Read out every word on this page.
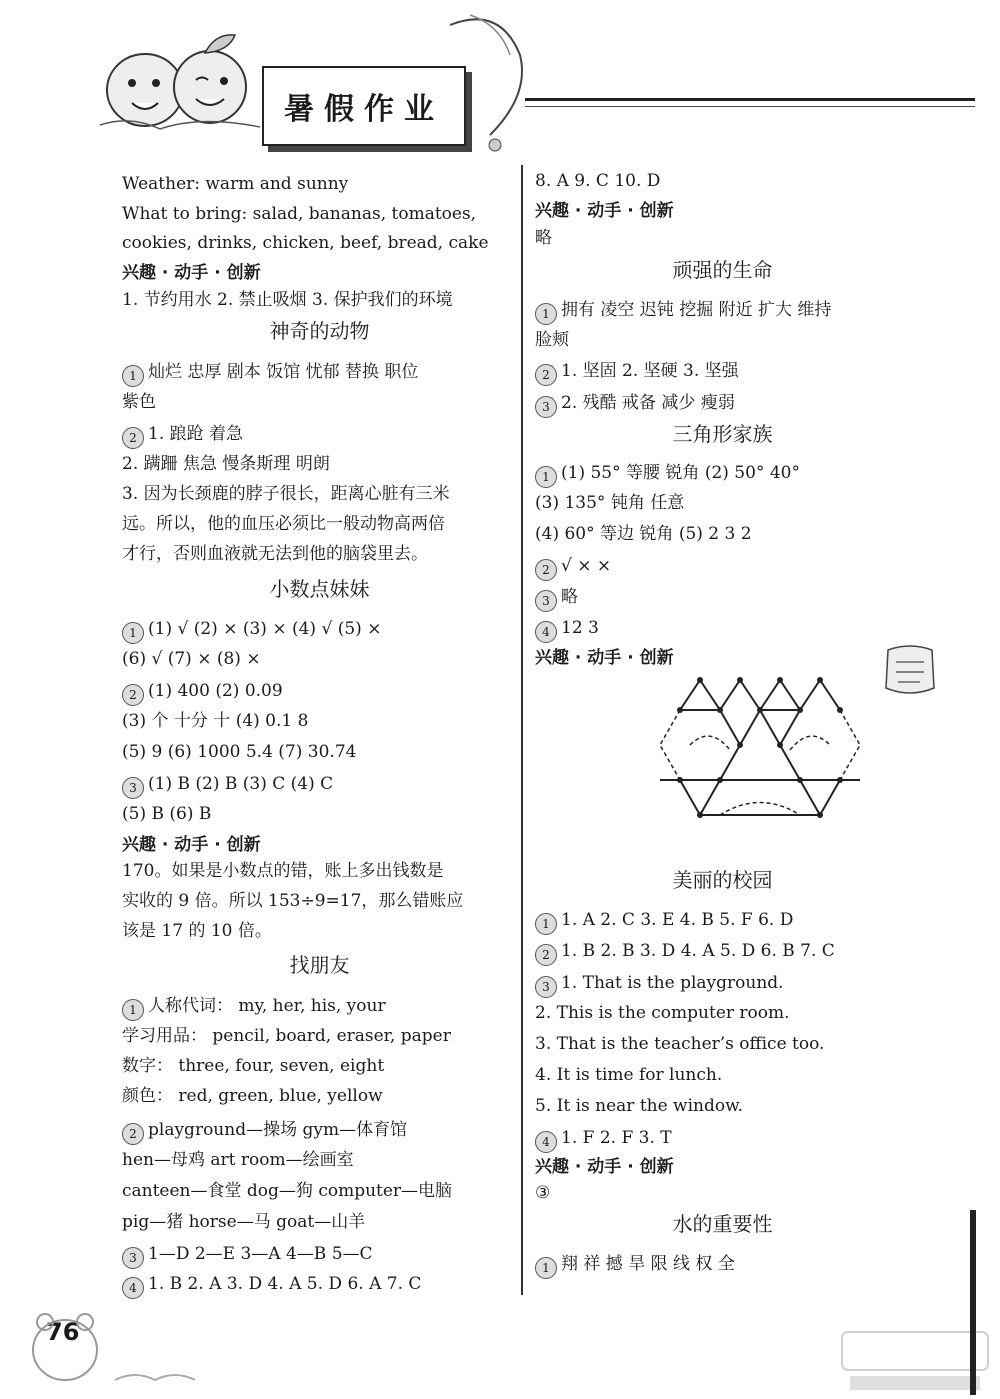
暑假作业
Weather: warm and sunny
What to bring: salad, bananas, tomatoes,
cookies, drinks, chicken, beef, bread, cake
兴趣 · 动手 · 创新
1. 节约用水 2. 禁止吸烟 3. 保护我们的环境
神奇的动物
1 灿烂 忠厚 剧本 饭馆 忧郁 替换 职位
紫色
2 1. 踉跄 着急
2. 蹒跚 焦急 慢条斯理 明朗
3. 因为长颈鹿的脖子很长，距离心脏有三米
远。所以，他的血压必须比一般动物高两倍
才行，否则血液就无法到他的脑袋里去。
小数点妹妹
1 (1) √ (2) × (3) × (4) √ (5) ×
(6) √ (7) × (8) ×
2 (1) 400 (2) 0.09
(3) 个 十分 十 (4) 0.1 8
(5) 9 (6) 1000 5.4 (7) 30.74
3 (1) B (2) B (3) C (4) C
(5) B (6) B
兴趣 · 动手 · 创新
170。如果是小数点的错，账上多出钱数是
实收的 9 倍。所以 153÷9=17，那么错账应
该是 17 的 10 倍。
找朋友
1 人称代词： my, her, his, your
学习用品： pencil, board, eraser, paper
数字： three, four, seven, eight
颜色： red, green, blue, yellow
2 playground—操场 gym—体育馆
hen—母鸡 art room—绘画室
canteen—食堂 dog—狗 computer—电脑
pig—猪 horse—马 goat—山羊
3 1—D 2—E 3—A 4—B 5—C
4 1. B 2. A 3. D 4. A 5. D 6. A 7. C
8. A 9. C 10. D
兴趣 · 动手 · 创新
略
顽强的生命
1 拥有 凌空 迟钝 挖掘 附近 扩大 维持
脸颊
2 1. 坚固 2. 坚硬 3. 坚强
3 2. 残酷 戒备 减少 瘦弱
三角形家族
1 (1) 55° 等腰 锐角 (2) 50° 40°
(3) 135° 钝角 任意
(4) 60° 等边 锐角 (5) 2 3 2
2 √ × ×
3 略
4 12 3
兴趣 · 动手 · 创新
美丽的校园
1 1. A 2. C 3. E 4. B 5. F 6. D
2 1. B 2. B 3. D 4. A 5. D 6. B 7. C
3 1. That is the playground.
2. This is the computer room.
3. That is the teacher’s office too.
4. It is time for lunch.
5. It is near the window.
4 1. F 2. F 3. T
兴趣 · 动手 · 创新
③
水的重要性
1 翔 祥 撼 旱 限 线 权 全
76
